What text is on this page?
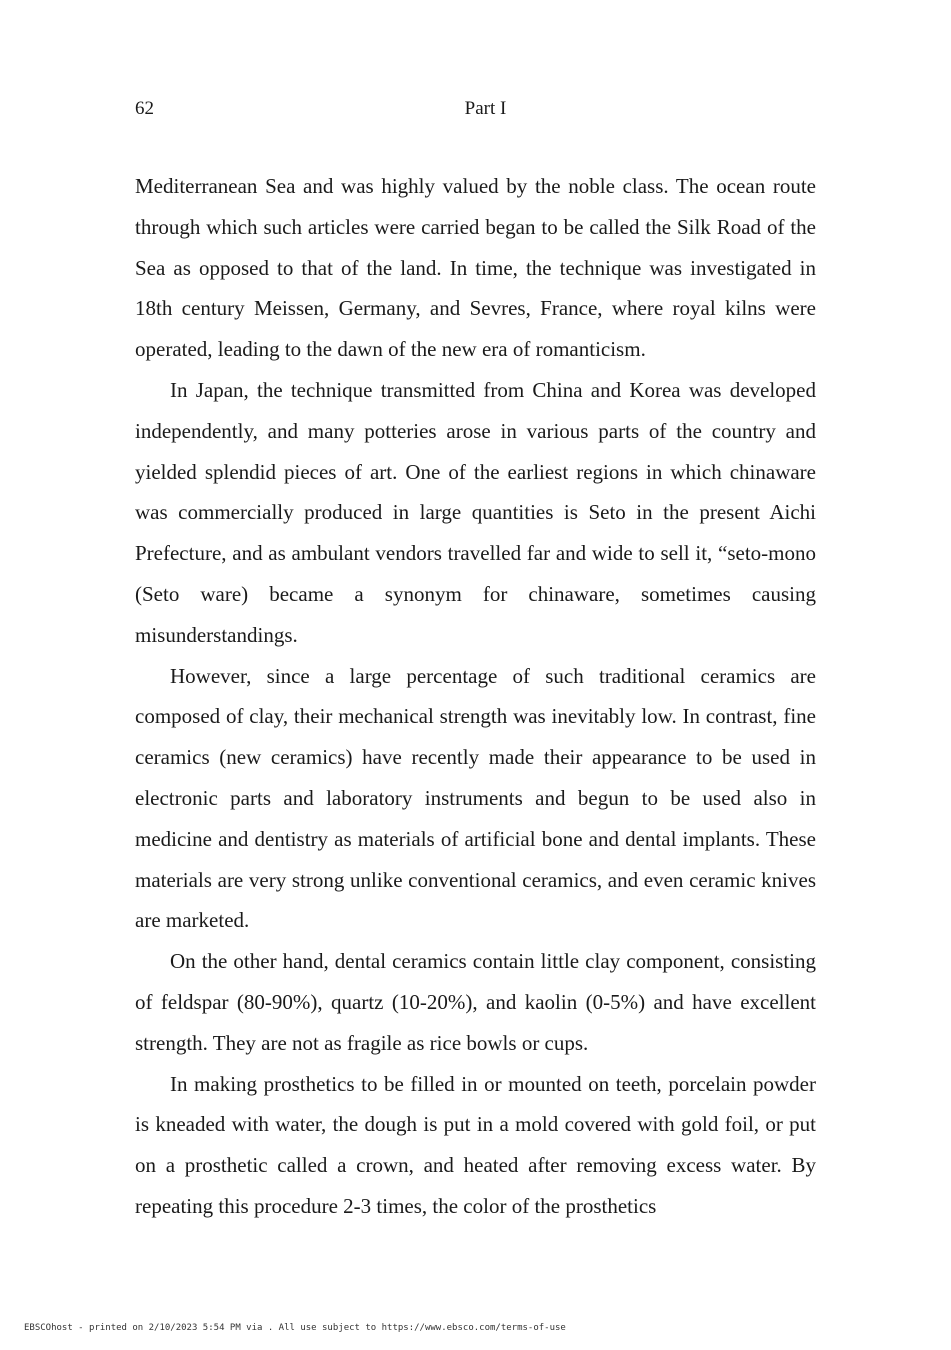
62	Part I

Mediterranean Sea and was highly valued by the noble class. The ocean route through which such articles were carried began to be called the Silk Road of the Sea as opposed to that of the land. In time, the technique was investigated in 18th century Meissen, Germany, and Sevres, France, where royal kilns were operated, leading to the dawn of the new era of romanticism.

In Japan, the technique transmitted from China and Korea was developed independently, and many potteries arose in various parts of the country and yielded splendid pieces of art. One of the earliest regions in which chinaware was commercially produced in large quantities is Seto in the present Aichi Prefecture, and as ambulant vendors travelled far and wide to sell it, “seto-mono (Seto ware) became a synonym for chinaware, sometimes causing misunderstandings.

However, since a large percentage of such traditional ceramics are composed of clay, their mechanical strength was inevitably low. In contrast, fine ceramics (new ceramics) have recently made their appearance to be used in electronic parts and laboratory instruments and begun to be used also in medicine and dentistry as materials of artificial bone and dental implants. These materials are very strong unlike conventional ceramics, and even ceramic knives are marketed.

On the other hand, dental ceramics contain little clay component, consisting of feldspar (80-90%), quartz (10-20%), and kaolin (0-5%) and have excellent strength. They are not as fragile as rice bowls or cups.

In making prosthetics to be filled in or mounted on teeth, porcelain powder is kneaded with water, the dough is put in a mold covered with gold foil, or put on a prosthetic called a crown, and heated after removing excess water. By repeating this procedure 2-3 times, the color of the prosthetics

EBSCOhost - printed on 2/10/2023 5:54 PM via . All use subject to https://www.ebsco.com/terms-of-use
